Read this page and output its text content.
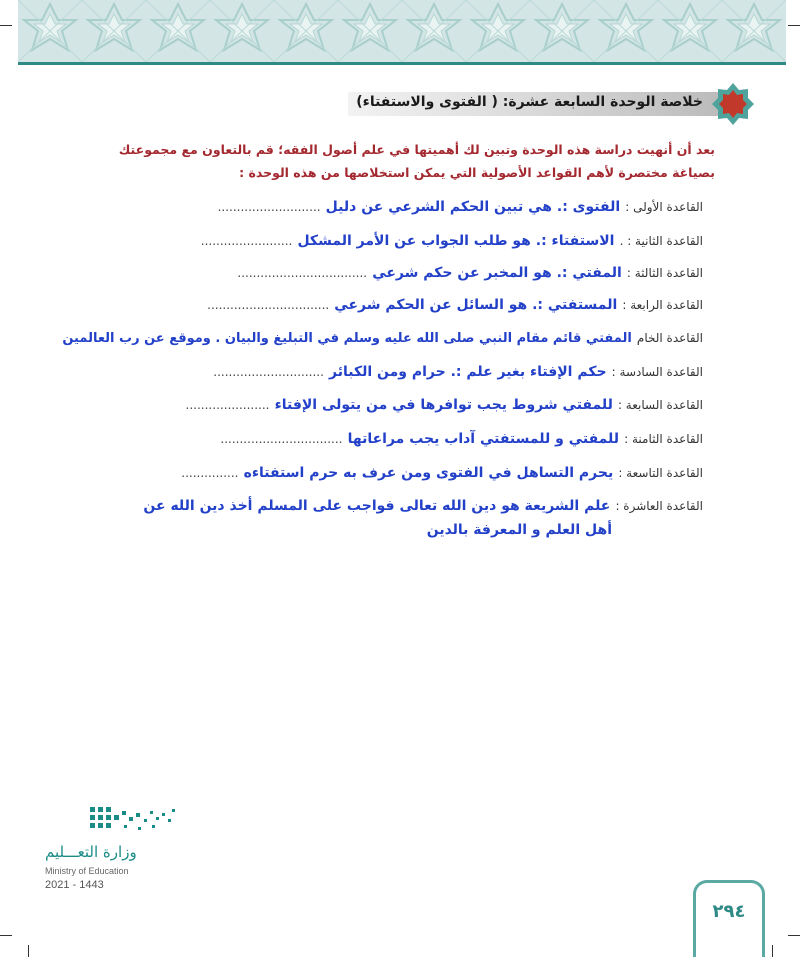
خلاصة الوحدة السابعة عشرة: ( الفتوى والاستفتاء)
بعد أن أنهيت دراسة هذه الوحدة وتبين لك أهميتها في علم أصول الفقه؛ قم بالتعاون مع مجموعتك بصياغة مختصرة لأهم القواعد الأصولية التي يمكن استخلاصها من هذه الوحدة :
القاعدة الأولى : الفتوى :. هي تبين الحكم الشرعي عن دليل ...........................
القاعدة الثانية : . الاستفتاء :. هو طلب الجواب عن الأمر المشكل ........................
القاعدة الثالثة : المفتي :. هو المخبر عن حكم شرعي ..................................
القاعدة الرابعة : المستفتي :. هو السائل عن الحكم شرعي ................................
القاعدة الخام المفتي قائم مقام النبي صلى الله عليه وسلم في التبليغ والبيان . وموقع عن رب العالمين
القاعدة السادسة : حكم الإفتاء بغير علم :. حرام ومن الكبائر .............................
القاعدة السابعة : للمفتي شروط يجب توافرها في من يتولى الإفتاء ......................
القاعدة الثامنة : للمفتي و للمستفتي آداب يجب مراعاتها ................................
القاعدة التاسعة : يحرم التساهل في الفتوى ومن عرف به حرم استفتاءه ...............
القاعدة العاشرة : علم الشريعة هو دين الله تعالى فواجب على المسلم أخذ دين الله عن
أهل العلم و المعرفة بالدين
وزارة التعـــليم
Ministry of Education
2021 - 1443
٢٩٤
